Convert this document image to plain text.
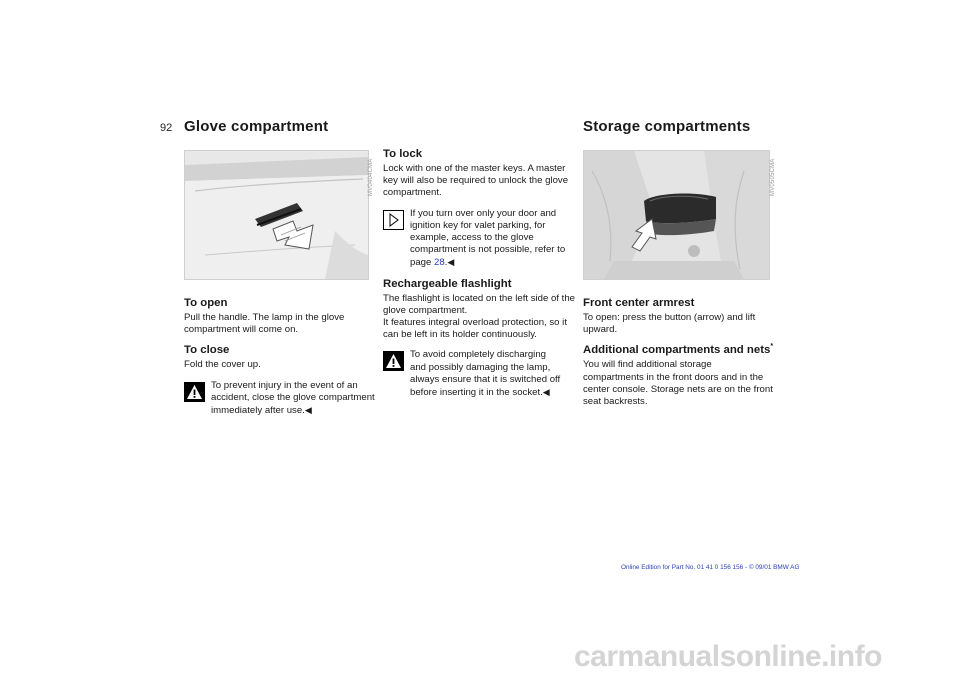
92 Glove compartment	Storage compartments
MV0404CMA	MV0505CMA
To open

Pull the handle. The lamp in the glove compartment will come on.

To close

Fold the cover up.

To prevent injury in the event of an
accident, close the glove compartment immediately after use.◀
To lock

Lock with one of the master keys. A master key will also be required to unlock the glove compartment.

If you turn over only your door and
ignition key for valet parking, for example, access to the glove compartment is not possible, refer to page 28.◀
Rechargeable flashlight

The flashlight is located on the left side of the glove compartment.

It features integral overload protection, so it can be left in its holder continuously.

To avoid completely discharging
and possibly damaging the lamp, always ensure that it is switched off before inserting it in the socket.◀
Front center armrest

To open: press the button (arrow) and lift upward.

Additional compartments and nets*

You will find additional storage compartments in the front doors and in the center console. Storage nets are on the front seat backrests.

Online Edition for Part No. 01 41 0 156 156 - © 09/01 BMW AG
carmanualsonline.info
